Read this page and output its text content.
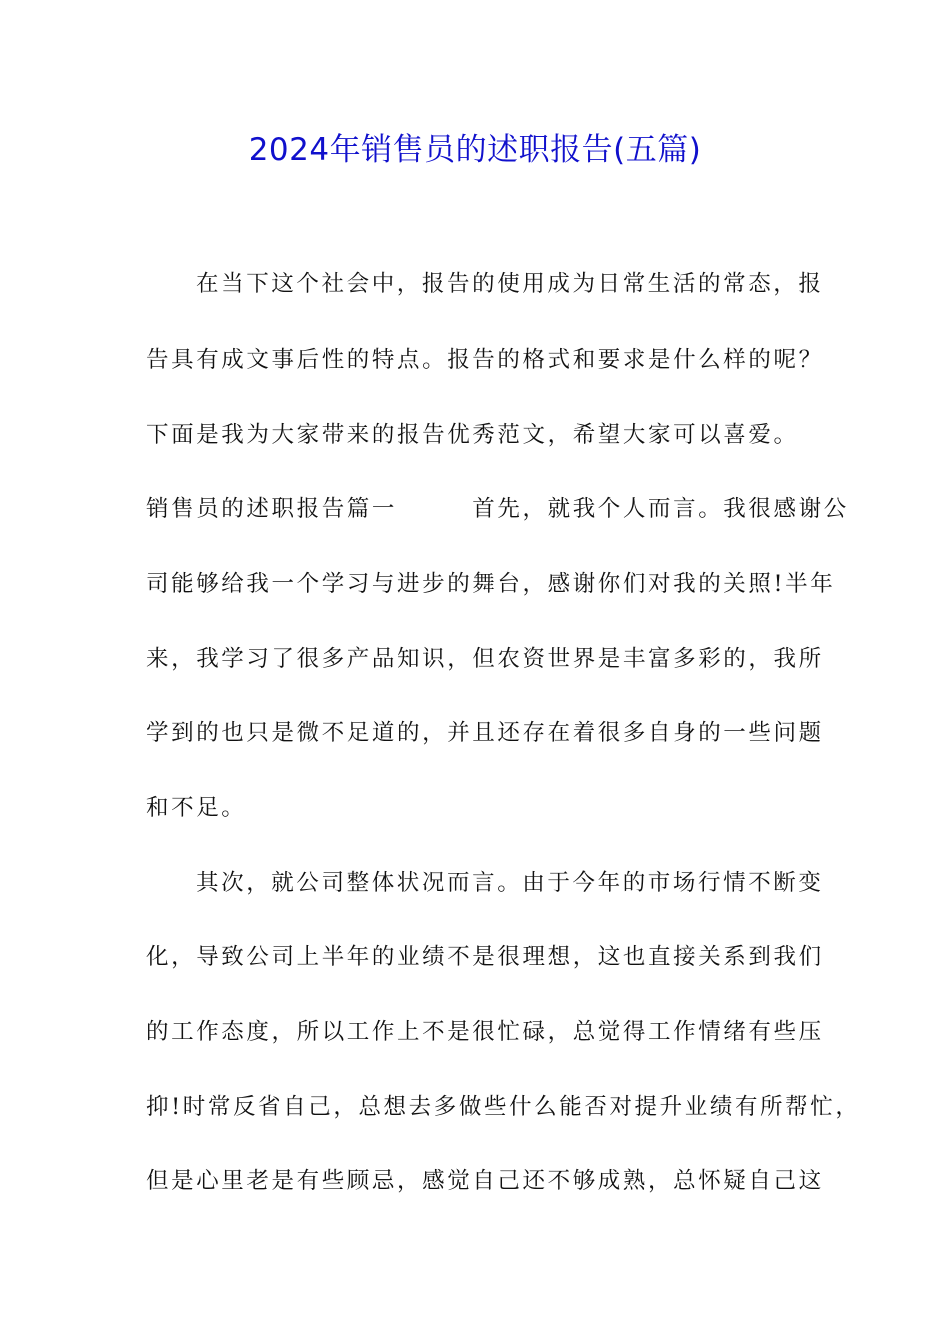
2024年销售员的述职报告(五篇)
在当下这个社会中，报告的使用成为日常生活的常态，报
告具有成文事后性的特点。报告的格式和要求是什么样的呢？
下面是我为大家带来的报告优秀范文，希望大家可以喜爱。
销售员的述职报告篇一　　　首先，就我个人而言。我很感谢公
司能够给我一个学习与进步的舞台，感谢你们对我的关照!半年
来，我学习了很多产品知识，但农资世界是丰富多彩的，我所
学到的也只是微不足道的，并且还存在着很多自身的一些问题
和不足。
其次，就公司整体状况而言。由于今年的市场行情不断变
化，导致公司上半年的业绩不是很理想，这也直接关系到我们
的工作态度，所以工作上不是很忙碌，总觉得工作情绪有些压
抑!时常反省自己，总想去多做些什么能否对提升业绩有所帮忙，
但是心里老是有些顾忌，感觉自己还不够成熟，总怀疑自己这
